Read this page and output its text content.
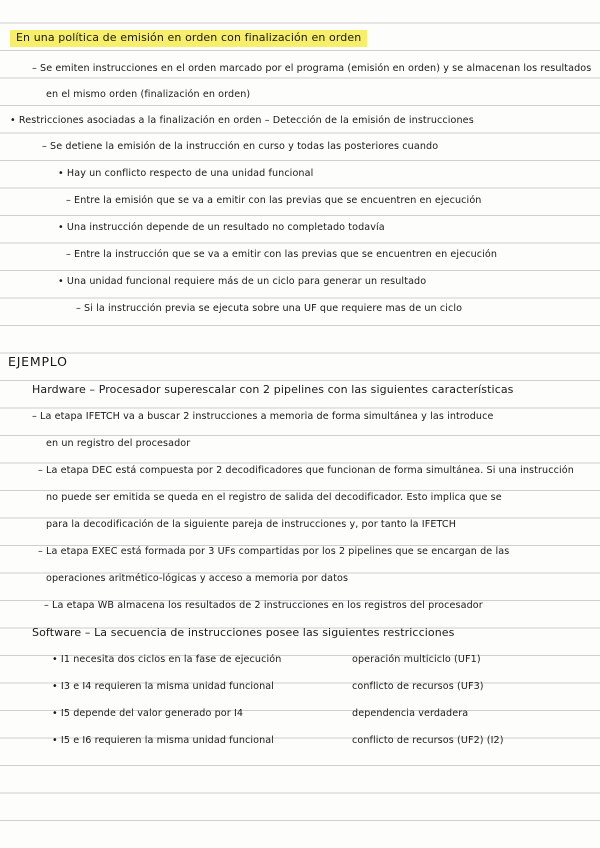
En una política de emisión en orden con finalización en orden
– Se emiten instrucciones en el orden marcado por el programa (emisión en orden) y se almacenan los resultados
en el mismo orden (finalización en orden)
• Restricciones asociadas a la finalización en orden – Detección de la emisión de instrucciones
– Se detiene la emisión de la instrucción en curso y todas las posteriores cuando
• Hay un conflicto respecto de una unidad funcional
– Entre la emisión que se va a emitir con las previas que se encuentren en ejecución
• Una instrucción depende de un resultado no completado todavía
– Entre la instrucción que se va a emitir con las previas que se encuentren en ejecución
• Una unidad funcional requiere más de un ciclo para generar un resultado
– Si la instrucción previa se ejecuta sobre una UF que requiere mas de un ciclo
EJEMPLO
Hardware – Procesador superescalar con 2 pipelines con las siguientes características
– La etapa IFETCH va a buscar 2 instrucciones a memoria de forma simultánea y las introduce
en un registro del procesador
– La etapa DEC está compuesta por 2 decodificadores que funcionan de forma simultánea. Si una instrucción
no puede ser emitida se queda en el registro de salida del decodificador. Esto implica que se
para la decodificación de la siguiente pareja de instrucciones y, por tanto la IFETCH
– La etapa EXEC está formada por 3 UFs compartidas por los 2 pipelines que se encargan de las
operaciones aritmético-lógicas y acceso a memoria por datos
– La etapa WB almacena los resultados de 2 instrucciones en los registros del procesador
Software – La secuencia de instrucciones posee las siguientes restricciones
• I1 necesita dos ciclos en la fase de ejecución	operación multiciclo (UF1)
• I3 e I4 requieren la misma unidad funcional	conflicto de recursos (UF3)
• I5 depende del valor generado por I4	dependencia verdadera
• I5 e I6 requieren la misma unidad funcional	conflicto de recursos (UF2) (I2)
